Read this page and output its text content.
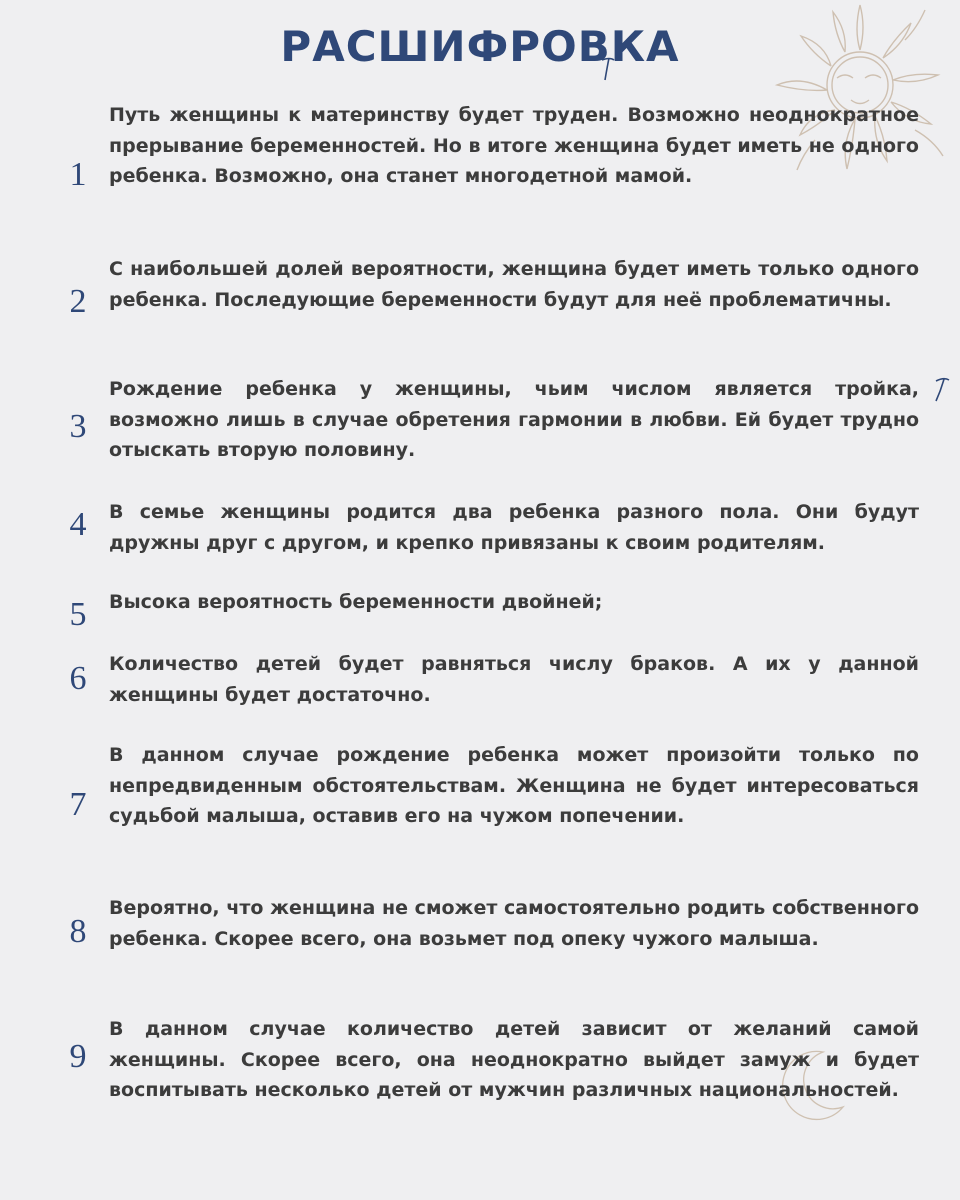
РАСШИФРОВКА
1

Путь женщины к материнству будет труден. Возможно неоднократное прерывание беременностей. Но в итоге женщина будет иметь не одного ребенка. Возможно, она станет многодетной мамой.

2

С наибольшей долей вероятности, женщина будет иметь только одного ребенка. Последующие беременности будут для неё проблематичны.

3

Рождение ребенка у женщины, чьим числом является тройка, возможно лишь в случае обретения гармонии в любви. Ей будет трудно отыскать вторую половину.

4	В семье женщины родится два ребенка разного пола. Они будут дружны друг с другом, и крепко привязаны к своим родителям.

5	Высока вероятность беременности двойней;

6	Количество детей будет равняться числу браков. А их у данной женщины будет достаточно.

7

В данном случае рождение ребенка может произойти только по непредвиденным обстоятельствам. Женщина не будет интересоваться судьбой малыша, оставив его на чужом попечении.

8

Вероятно, что женщина не сможет самостоятельно родить собственного ребенка. Скорее всего, она возьмет под опеку чужого малыша.

9

В данном случае количество детей зависит от желаний самой женщины. Скорее всего, она неоднократно выйдет замуж и будет воспитывать несколько детей от мужчин различных национальностей.
